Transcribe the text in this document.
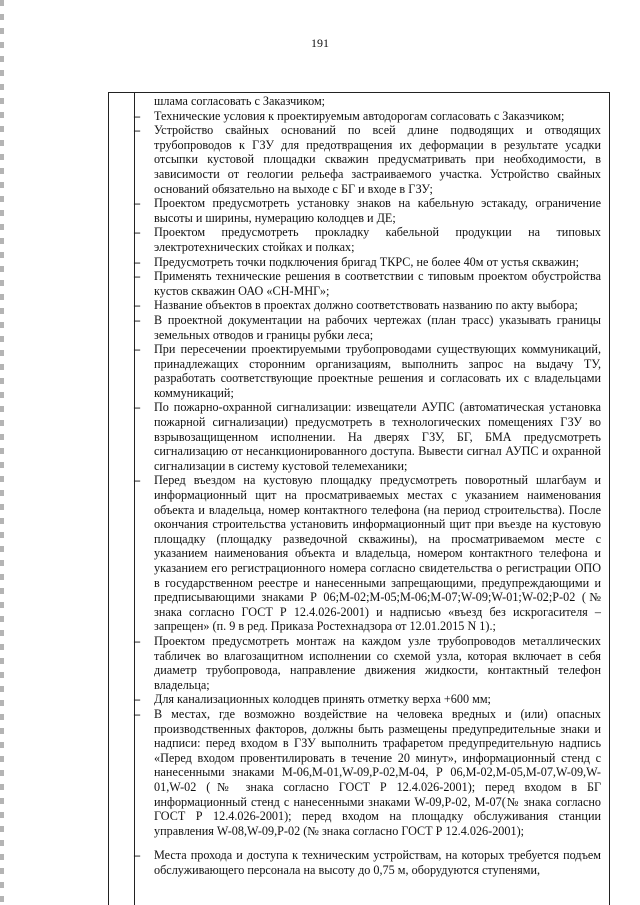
191
шлама согласовать с Заказчиком;
– Технические условия к проектируемым автодорогам согласовать с Заказчиком;
– Устройство свайных оснований по всей длине подводящих и отводящих трубопроводов к ГЗУ для предотвращения их деформации в результате усадки отсыпки кустовой площадки скважин предусматривать при необходимости, в зависимости от геологии рельефа застраиваемого участка. Устройство свайных оснований обязательно на выходе с БГ и входе в ГЗУ;
– Проектом предусмотреть установку знаков на кабельную эстакаду, ограничение высоты и ширины, нумерацию колодцев и ДЕ;
– Проектом предусмотреть прокладку кабельной продукции на типовых электротехнических стойках и полках;
– Предусмотреть точки подключения бригад ТКРС, не более 40м от устья скважин;
– Применять технические решения в соответствии с типовым проектом обустройства кустов скважин ОАО «СН-МНГ»;
– Название объектов в проектах должно соответствовать названию по акту выбора;
– В проектной документации на рабочих чертежах (план трасс) указывать границы земельных отводов и границы рубки леса;
– При пересечении проектируемыми трубопроводами существующих коммуникаций, принадлежащих сторонним организациям, выполнить запрос на выдачу ТУ, разработать соответствующие проектные решения и согласовать их с владельцами коммуникаций;
– По пожарно-охранной сигнализации: извещатели АУПС (автоматическая установка пожарной сигнализации) предусмотреть в технологических помещениях ГЗУ во взрывозащищенном исполнении. На дверях ГЗУ, БГ, БМА предусмотреть сигнализацию от несанкционированного доступа. Вывести сигнал АУПС и охранной сигнализации в систему кустовой телемеханики;
– Перед въездом на кустовую площадку предусмотреть поворотный шлагбаум и информационный щит на просматриваемых местах с указанием наименования объекта и владельца, номер контактного телефона (на период строительства). После окончания строительства установить информационный щит при въезде на кустовую площадку (площадку разведочной скважины), на просматриваемом месте с указанием наименования объекта и владельца, номером контактного телефона и указанием его регистрационного номера согласно свидетельства о регистрации ОПО в государственном реестре и нанесенными запрещающими, предупреждающими и предписывающими знаками Р 06;М-02;М-05;М-06;М-07;W-09;W-01;W-02;Р-02 (№ знака согласно ГОСТ Р 12.4.026-2001) и надписью «въезд без искрогасителя –запрещен» (п. 9 в ред. Приказа Ростехнадзора от 12.01.2015 N 1).;
– Проектом предусмотреть монтаж на каждом узле трубопроводов металлических табличек во влагозащитном исполнении со схемой узла, которая включает в себя диаметр трубопровода, направление движения жидкости, контактный телефон владельца;
– Для канализационных колодцев принять отметку верха +600 мм;
– В местах, где возможно воздействие на человека вредных и (или) опасных производственных факторов, должны быть размещены предупредительные знаки и надписи: перед входом в ГЗУ выполнить трафаретом предупредительную надпись «Перед входом провентилировать в течение 20 минут», информационный стенд с нанесенными знаками М-06,М-01,W-09,Р-02,М-04, Р 06,М-02,М-05,М-07,W-09,W-01,W-02 (№ знака согласно ГОСТ Р 12.4.026-2001); перед входом в БГ информационный стенд с нанесенными знаками W-09,Р-02, М-07(№ знака согласно ГОСТ Р 12.4.026-2001); перед входом на площадку обслуживания станции управления W-08,W-09,Р-02 (№ знака согласно ГОСТ Р 12.4.026-2001);
– Места прохода и доступа к техническим устройствам, на которых требуется подъем обслуживающего персонала на высоту до 0,75 м, оборудуются ступенями,
